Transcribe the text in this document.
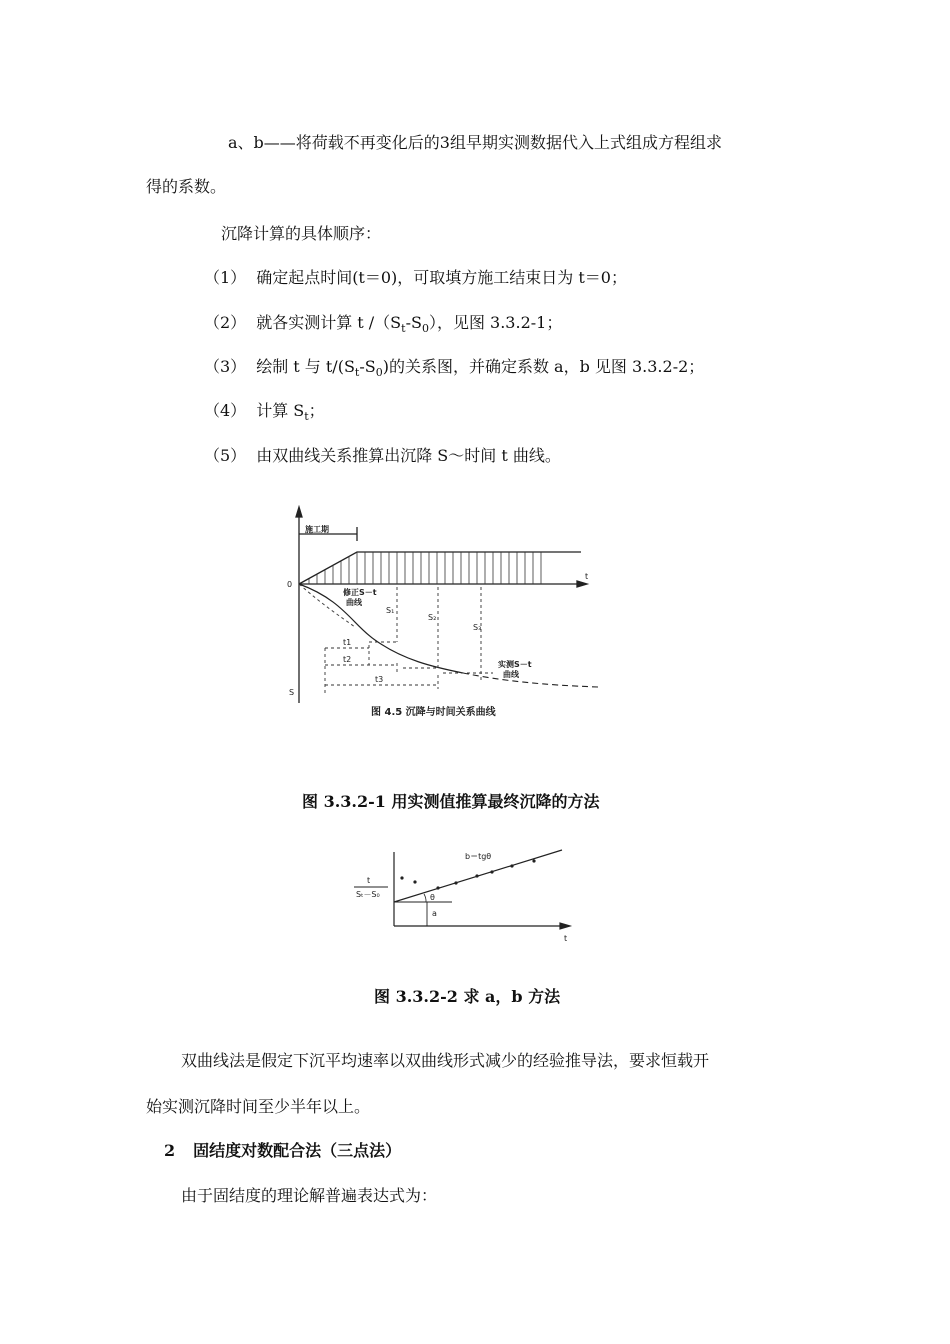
a、b——将荷载不再变化后的3组早期实测数据代入上式组成方程组求
得的系数。
沉降计算的具体顺序：
（1） 确定起点时间(t＝0)，可取填方施工结束日为 t＝0；
（2） 就各实测计算 t $/(S_t-S_0)$，见图 3.3.2-1；
（3） 绘制 t 与 $t/(S_t-S_0)$的关系图，并确定系数 a，b 见图 3.3.2-2；
（4） 计算 $S_t$；
（5） 由双曲线关系推算出沉降 S～时间 t 曲线。
施工期
0
t
S
修正S－t
曲线
S₁
S₂
S₃
t1
t2
t3
实测S－t
曲线
图 4.5 沉降与时间关系曲线
图 3.3.2-1 用实测值推算最终沉降的方法
t
Sₜ－S₀
b＝tgθ
θ
a
t
图 3.3.2-2 求 a，b 方法
双曲线法是假定下沉平均速率以双曲线形式减少的经验推导法，要求恒载开
始实测沉降时间至少半年以上。
2 固结度对数配合法（三点法）
由于固结度的理论解普遍表达式为：
